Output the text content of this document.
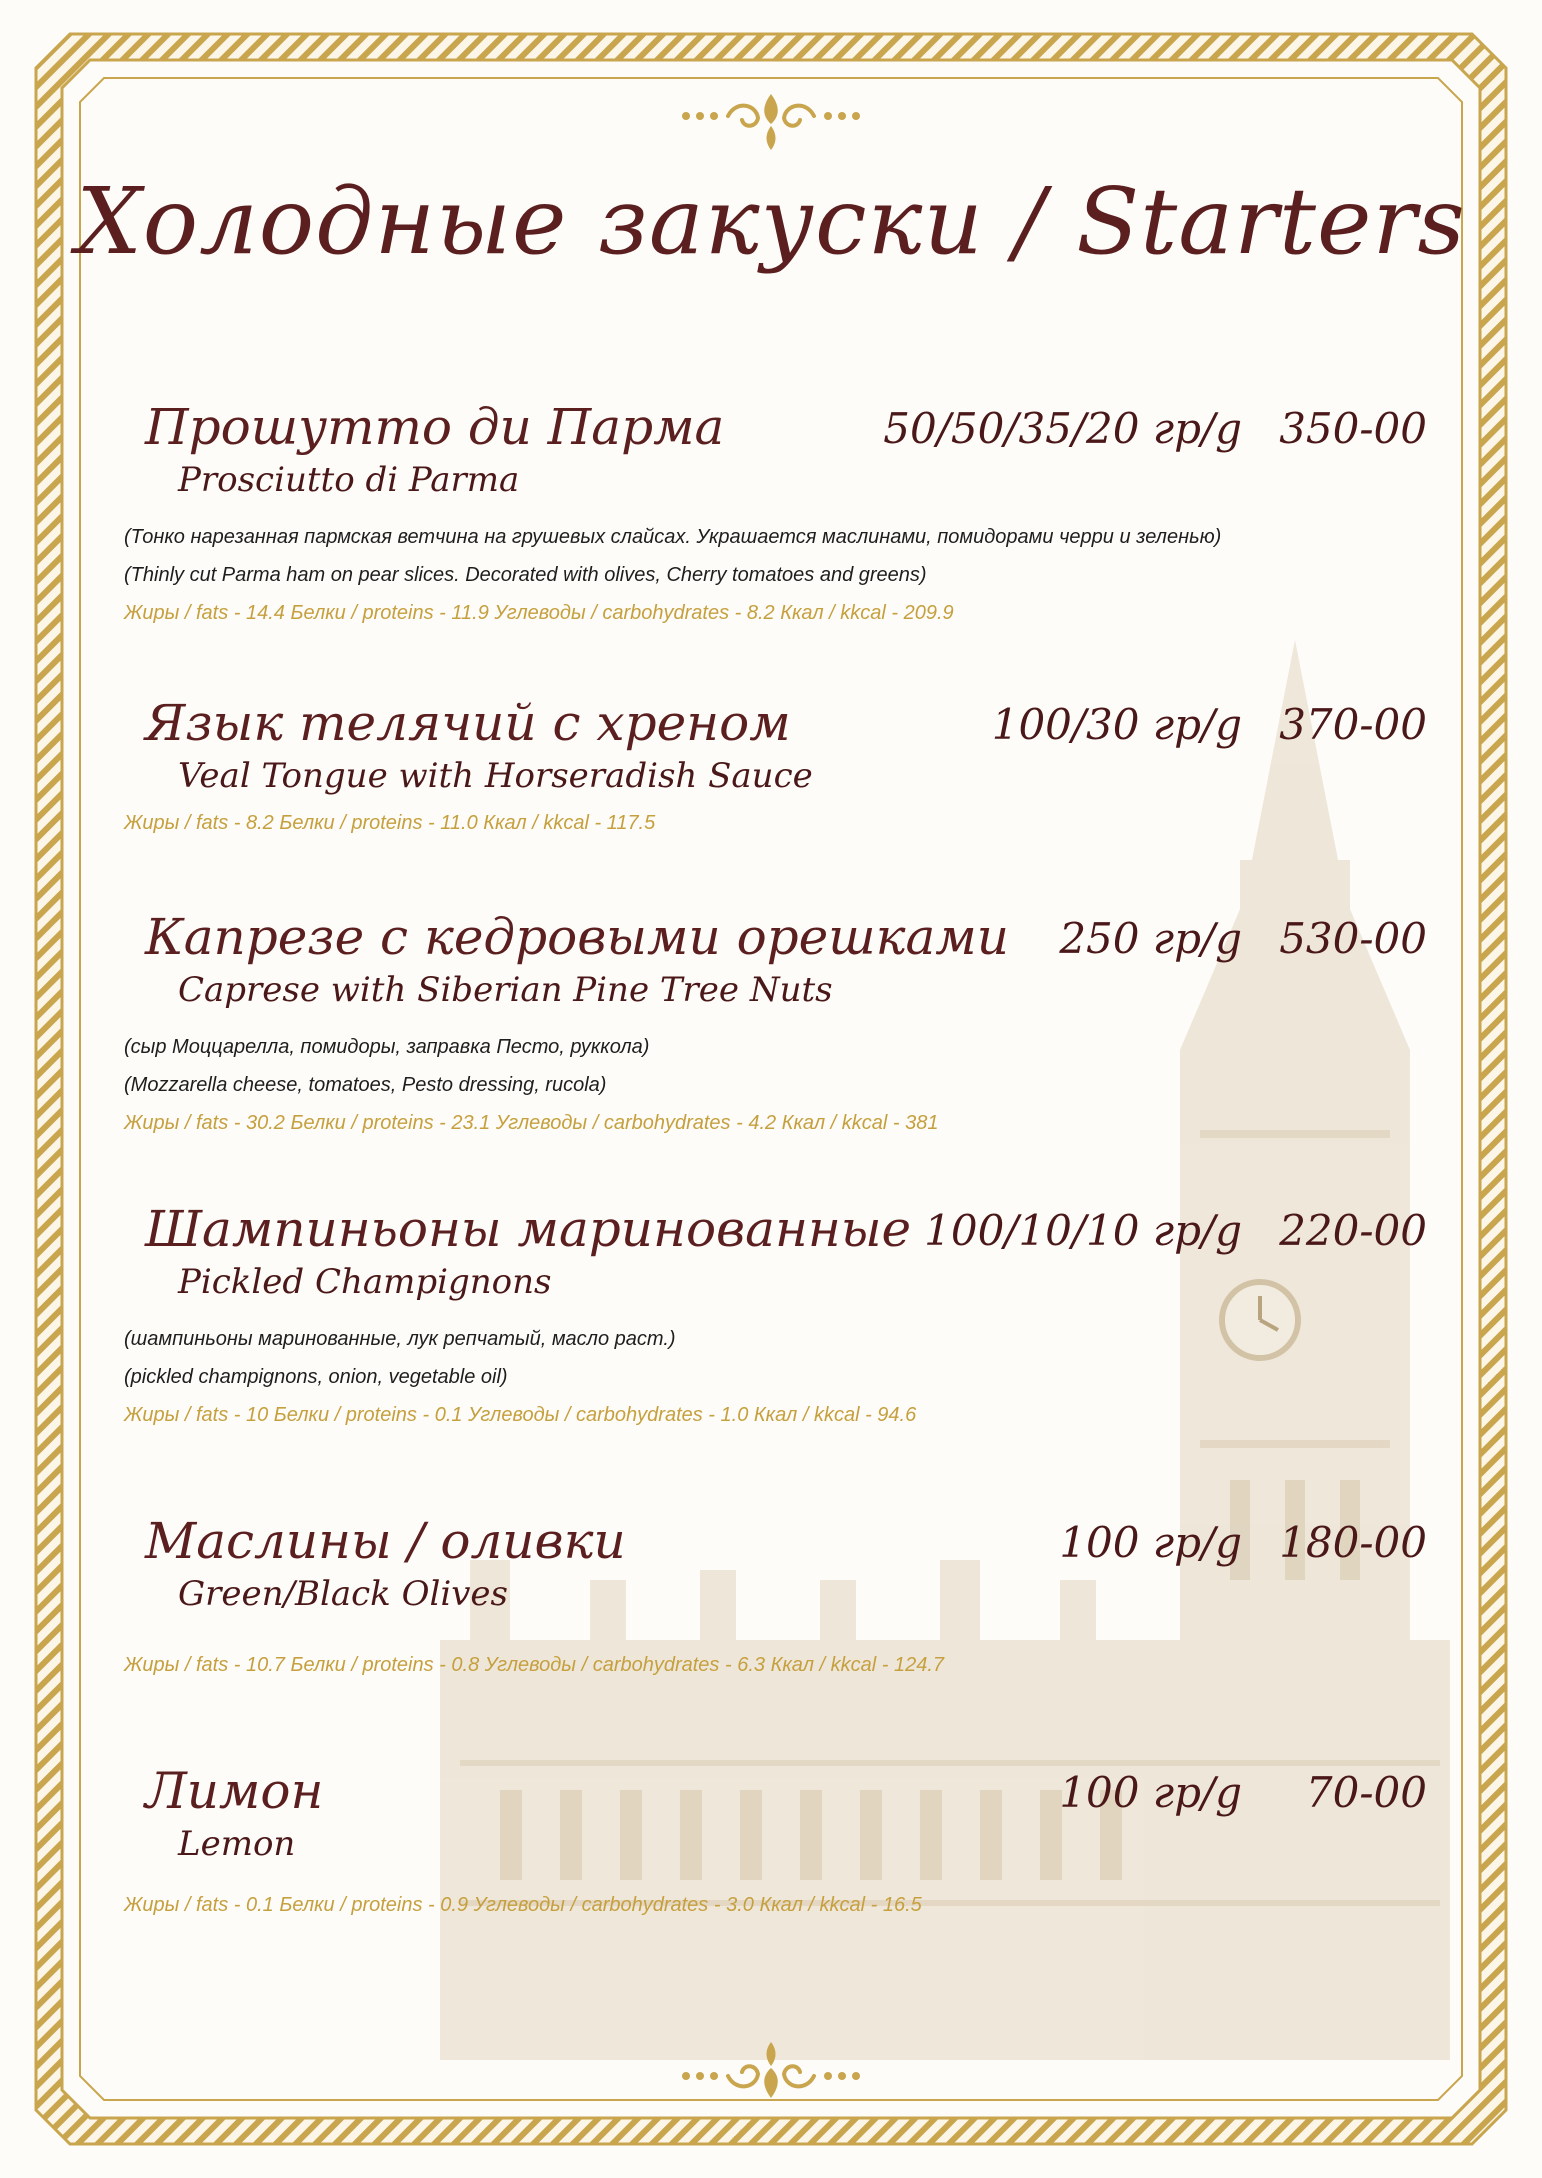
Холодные закуски / Starters
Прошутто ди Парма
Prosciutto di Parma
50/50/35/20 гр/g 350-00
(Тонко нарезанная пармская ветчина на грушевых слайсах. Украшается маслинами, помидорами черри и зеленью)
(Thinly cut Parma ham on pear slices. Decorated with olives, Cherry tomatoes and greens)
Жиры / fats - 14.4 Белки / proteins - 11.9 Углеводы / carbohydrates - 8.2 Ккал / kkcal - 209.9
Язык телячий с хреном
Veal Tongue with Horseradish Sauce
100/30 гр/g 370-00
Жиры / fats - 8.2 Белки / proteins - 11.0 Ккал / kkcal - 117.5
Капрезе с кедровыми орешками
Caprese with Siberian Pine Tree Nuts
250 гр/g 530-00
(сыр Моццарелла, помидоры, заправка Песто, руккола)
(Mozzarella cheese, tomatoes, Pesto dressing, rucola)
Жиры / fats - 30.2 Белки / proteins - 23.1 Углеводы / carbohydrates - 4.2 Ккал / kkcal - 381
Шампиньоны маринованные
Pickled Champignons
100/10/10 гр/g 220-00
(шампиньоны маринованные, лук репчатый, масло раст.)
(pickled champignons, onion, vegetable oil)
Жиры / fats - 10 Белки / proteins - 0.1 Углеводы / carbohydrates - 1.0 Ккал / kkcal - 94.6
Маслины / оливки
Green/Black Olives
100 гр/g 180-00
Жиры / fats - 10.7 Белки / proteins - 0.8 Углеводы / carbohydrates - 6.3 Ккал / kkcal - 124.7
Лимон
Lemon
100 гр/g 70-00
Жиры / fats - 0.1 Белки / proteins - 0.9 Углеводы / carbohydrates - 3.0 Ккал / kkcal - 16.5
